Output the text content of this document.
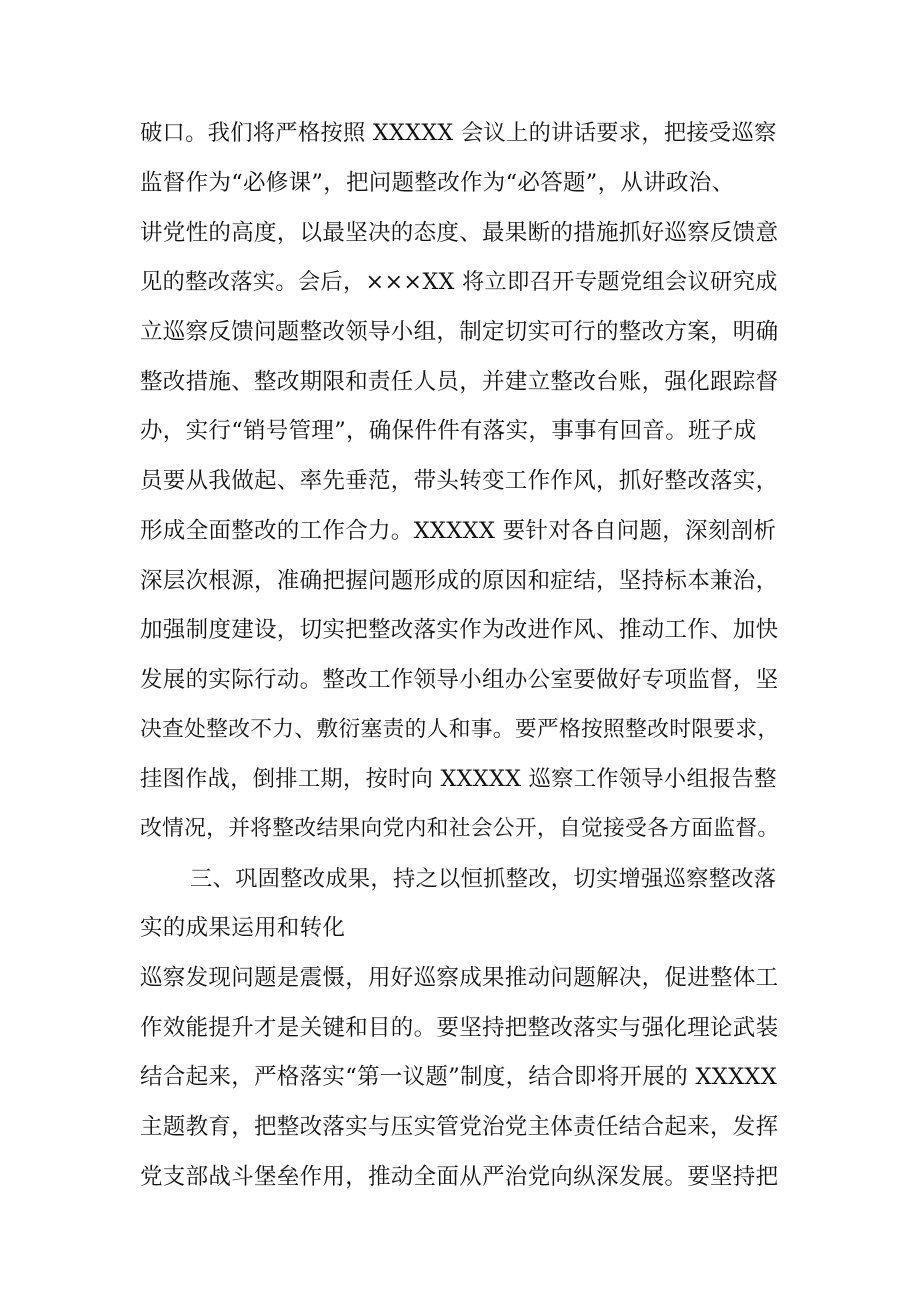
破口。我们将严格按照 XXXXX 会议上的讲话要求，把接受巡察
监督作为“必修课”，把问题整改作为“必答题”，从讲政治、
讲党性的高度，以最坚决的态度、最果断的措施抓好巡察反馈意
见的整改落实。会后，×××XX 将立即召开专题党组会议研究成
立巡察反馈问题整改领导小组，制定切实可行的整改方案，明确
整改措施、整改期限和责任人员，并建立整改台账，强化跟踪督
办，实行“销号管理”，确保件件有落实，事事有回音。班子成
员要从我做起、率先垂范，带头转变工作作风，抓好整改落实，
形成全面整改的工作合力。XXXXX 要针对各自问题，深刻剖析
深层次根源，准确把握问题形成的原因和症结，坚持标本兼治，
加强制度建设，切实把整改落实作为改进作风、推动工作、加快
发展的实际行动。整改工作领导小组办公室要做好专项监督，坚
决查处整改不力、敷衍塞责的人和事。要严格按照整改时限要求，
挂图作战，倒排工期，按时向 XXXXX 巡察工作领导小组报告整
改情况，并将整改结果向党内和社会公开，自觉接受各方面监督。
三、巩固整改成果，持之以恒抓整改，切实增强巡察整改落
实的成果运用和转化
巡察发现问题是震慑，用好巡察成果推动问题解决，促进整体工
作效能提升才是关键和目的。要坚持把整改落实与强化理论武装
结合起来，严格落实“第一议题”制度，结合即将开展的 XXXXX
主题教育，把整改落实与压实管党治党主体责任结合起来，发挥
党支部战斗堡垒作用，推动全面从严治党向纵深发展。要坚持把
